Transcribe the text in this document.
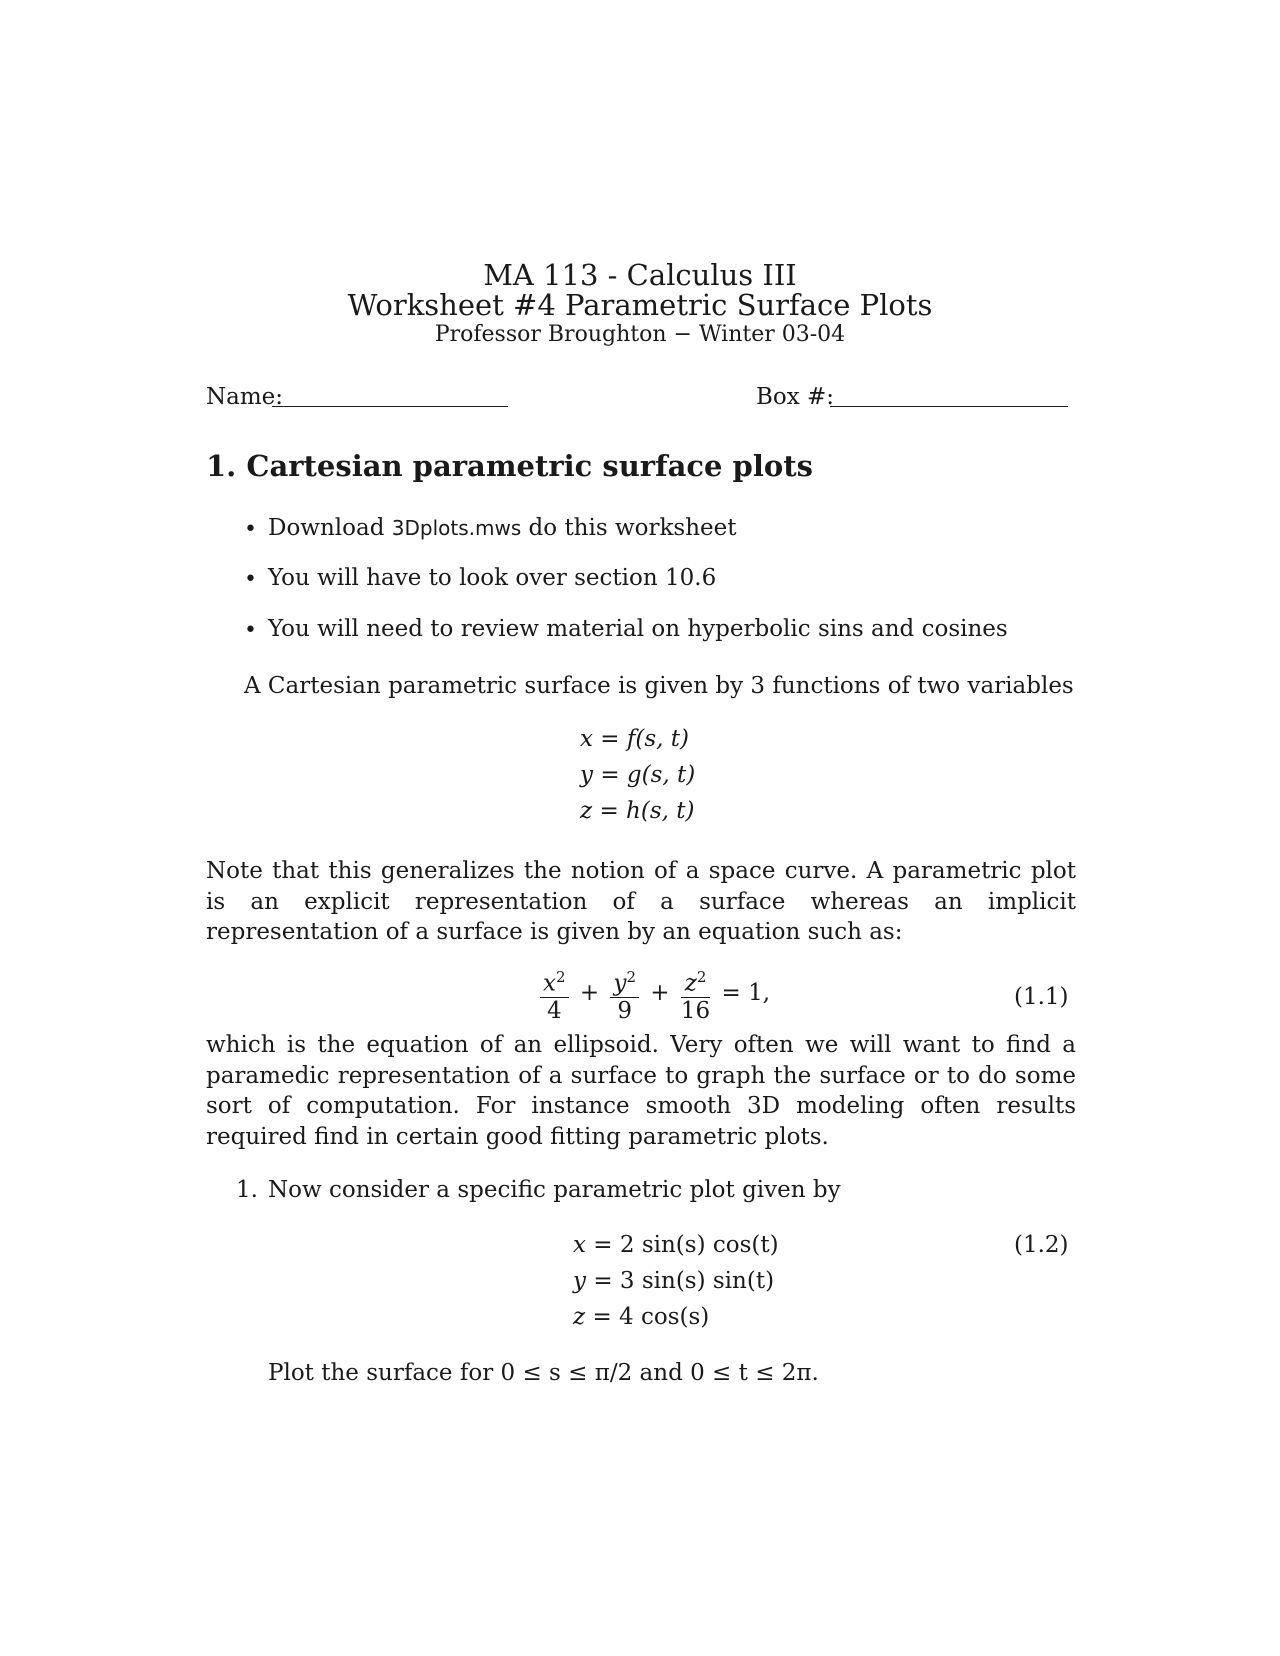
MA 113 - Calculus III
Worksheet #4 Parametric Surface Plots
Professor Broughton − Winter 03-04
Name:	Box #:
1. Cartesian parametric surface plots
• Download 3Dplots.mws do this worksheet
• You will have to look over section 10.6
• You will need to review material on hyperbolic sins and cosines
A Cartesian parametric surface is given by 3 functions of two variables
x = f(s, t)
y = g(s, t)
z = h(s, t)
Note that this generalizes the notion of a space curve. A parametric plot is an explicit representation of a surface whereas an implicit representation of a surface is given by an equation such as:
$\frac{x^2}{4} + \frac{y^2}{9} + \frac{z^2}{16} = 1$,	(1.1)
which is the equation of an ellipsoid. Very often we will want to find a paramedic representation of a surface to graph the surface or to do some sort of computation. For instance smooth 3D modeling often results required find in certain good fitting parametric plots.
1. Now consider a specific parametric plot given by
x = 2 sin(s) cos(t)
y = 3 sin(s) sin(t)
z = 4 cos(s)
(1.2)
Plot the surface for 0 ≤ s ≤ π/2 and 0 ≤ t ≤ 2π.
